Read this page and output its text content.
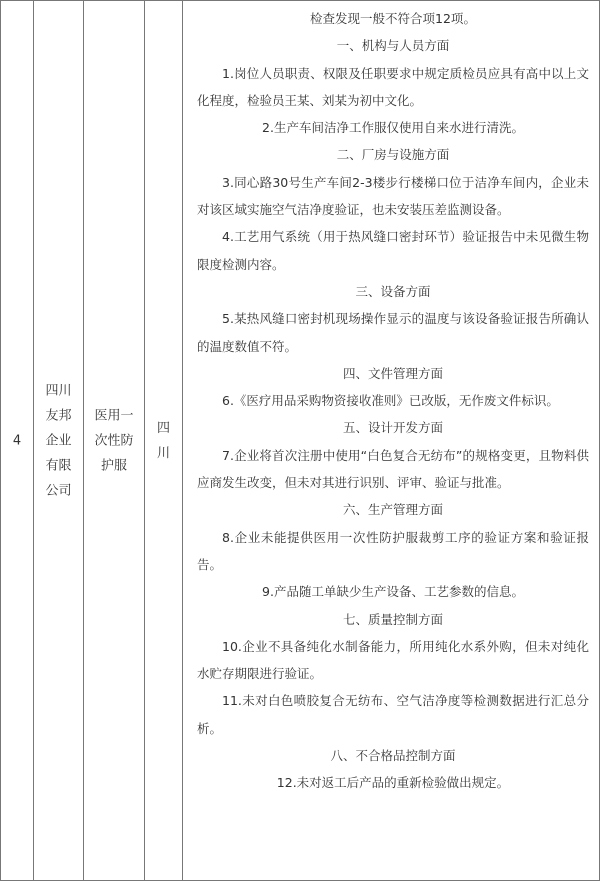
4
四川友邦企业有限公司
医用一次性防护服
四川

检查发现一般不符合项12项。

一、机构与人员方面

1.岗位人员职责、权限及任职要求中规定质检员应具有高中以上文化程度，检验员王某、刘某为初中文化。

2.生产车间洁净工作服仅使用自来水进行清洗。

二、厂房与设施方面

3.同心路30号生产车间2-3楼步行楼梯口位于洁净车间内，企业未对该区域实施空气洁净度验证，也未安装压差监测设备。

4.工艺用气系统（用于热风缝口密封环节）验证报告中未见微生物限度检测内容。

三、设备方面

5.某热风缝口密封机现场操作显示的温度与该设备验证报告所确认的温度数值不符。

四、文件管理方面

6.《医疗用品采购物资接收准则》已改版，无作废文件标识。

五、设计开发方面

7.企业将首次注册中使用“白色复合无纺布”的规格变更，且物料供应商发生改变，但未对其进行识别、评审、验证与批准。

六、生产管理方面

8.企业未能提供医用一次性防护服裁剪工序的验证方案和验证报告。

9.产品随工单缺少生产设备、工艺参数的信息。

七、质量控制方面

10.企业不具备纯化水制备能力，所用纯化水系外购，但未对纯化水贮存期限进行验证。

11.未对白色喷胶复合无纺布、空气洁净度等检测数据进行汇总分析。

八、不合格品控制方面

12.未对返工后产品的重新检验做出规定。
